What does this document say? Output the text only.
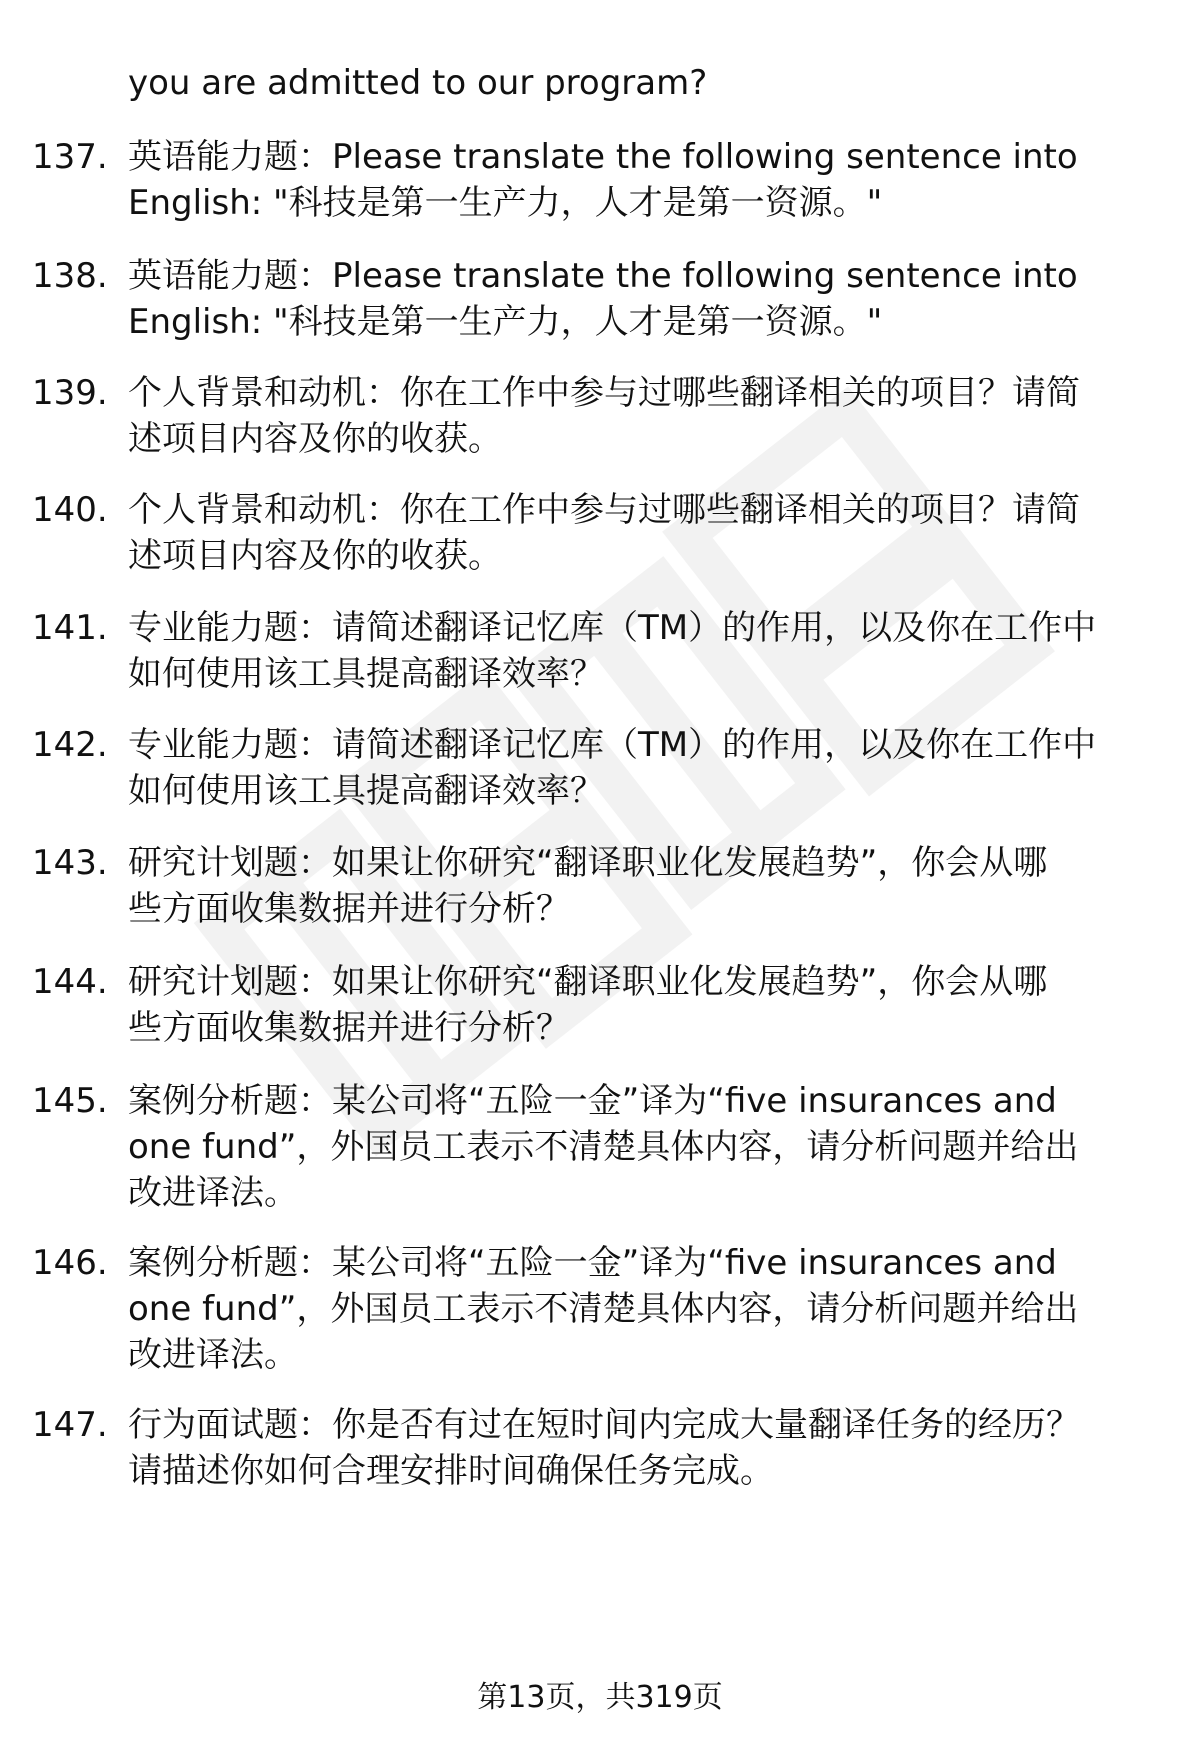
you are admitted to our program?
137. 英语能力题：Please translate the following sentence into
English: "科技是第一生产力，人才是第一资源。"
138. 英语能力题：Please translate the following sentence into
English: "科技是第一生产力，人才是第一资源。"
139. 个人背景和动机：你在工作中参与过哪些翻译相关的项目？请简
述项目内容及你的收获。
140. 个人背景和动机：你在工作中参与过哪些翻译相关的项目？请简
述项目内容及你的收获。
141. 专业能力题：请简述翻译记忆库（TM）的作用，以及你在工作中
如何使用该工具提高翻译效率？
142. 专业能力题：请简述翻译记忆库（TM）的作用，以及你在工作中
如何使用该工具提高翻译效率？
143. 研究计划题：如果让你研究“翻译职业化发展趋势”，你会从哪
些方面收集数据并进行分析？
144. 研究计划题：如果让你研究“翻译职业化发展趋势”，你会从哪
些方面收集数据并进行分析？
145. 案例分析题：某公司将“五险一金”译为“five insurances and
one fund”，外国员工表示不清楚具体内容，请分析问题并给出
改进译法。
146. 案例分析题：某公司将“五险一金”译为“five insurances and
one fund”，外国员工表示不清楚具体内容，请分析问题并给出
改进译法。
147. 行为面试题：你是否有过在短时间内完成大量翻译任务的经历？
请描述你如何合理安排时间确保任务完成。
第13页，共319页
